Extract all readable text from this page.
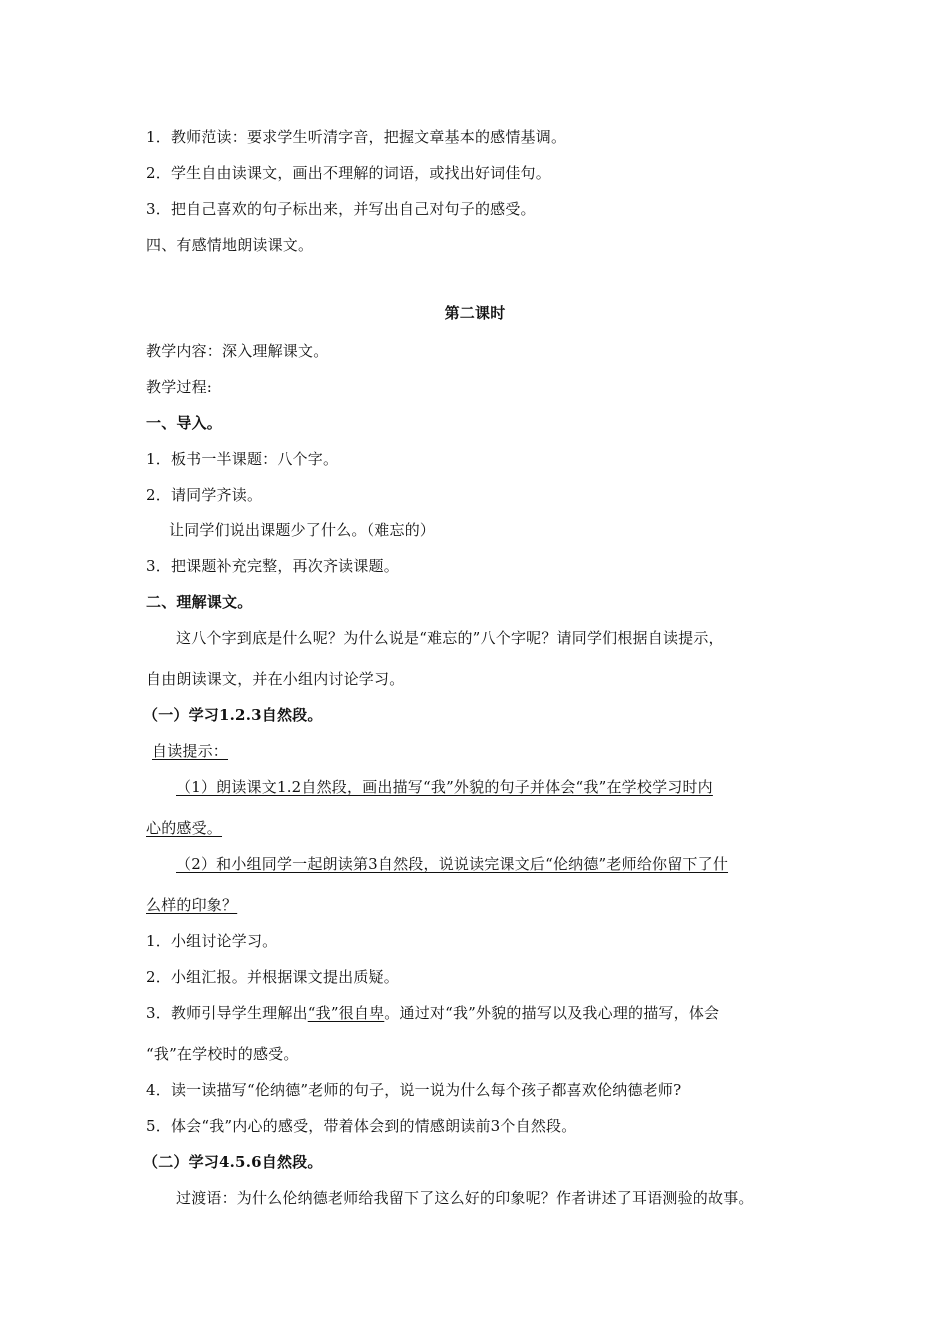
1．教师范读：要求学生听清字音，把握文章基本的感情基调。
2．学生自由读课文，画出不理解的词语，或找出好词佳句。
3．把自己喜欢的句子标出来，并写出自己对句子的感受。
四、有感情地朗读课文。
第二课时
教学内容：深入理解课文。
教学过程:
一、导入。
1．板书一半课题：八个字。
2．请同学齐读。
让同学们说出课题少了什么。（难忘的）
3．把课题补充完整，再次齐读课题。
二、理解课文。
这八个字到底是什么呢？为什么说是“难忘的”八个字呢？请同学们根据自读提示，
自由朗读课文，并在小组内讨论学习。
（一）学习1.2.3自然段。
自读提示：
（1）朗读课文1.2自然段，画出描写“我”外貌的句子并体会“我”在学校学习时内
心的感受。
（2）和小组同学一起朗读第3自然段，说说读完课文后“伦纳德”老师给你留下了什
么样的印象？
1．小组讨论学习。
2．小组汇报。并根据课文提出质疑。
3．教师引导学生理解出“我”很自卑。通过对“我”外貌的描写以及我心理的描写，体会
“我”在学校时的感受。
4．读一读描写“伦纳德”老师的句子，说一说为什么每个孩子都喜欢伦纳德老师?
5．体会“我”内心的感受，带着体会到的情感朗读前3个自然段。
（二）学习4.5.6自然段。
过渡语：为什么伦纳德老师给我留下了这么好的印象呢？作者讲述了耳语测验的故事。
